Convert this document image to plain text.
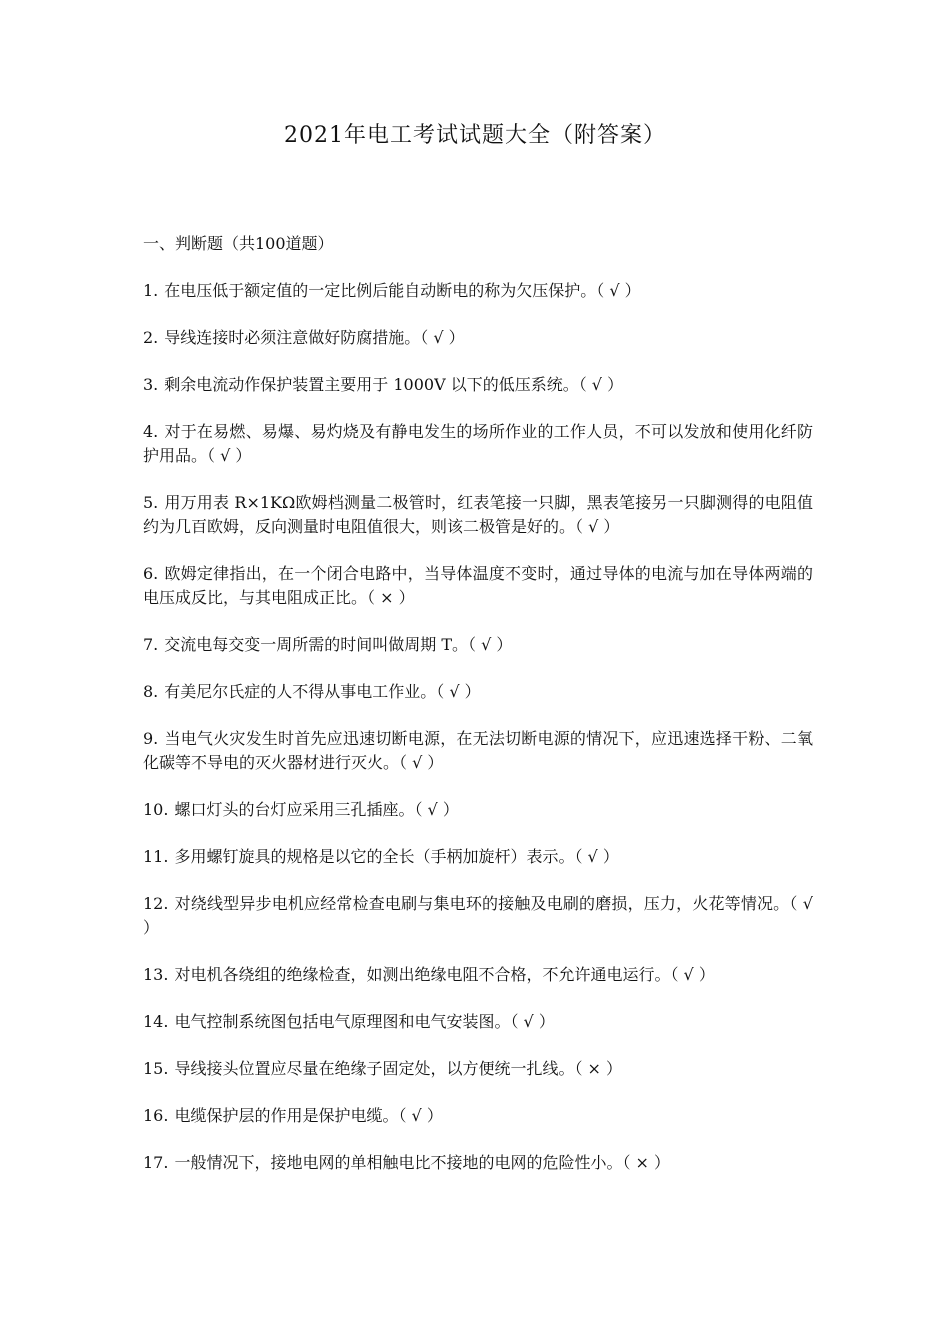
2021年电工考试试题大全（附答案）
一、判断题（共100道题）
1. 在电压低于额定值的一定比例后能自动断电的称为欠压保护。（ √ ）
2. 导线连接时必须注意做好防腐措施。（ √ ）
3. 剩余电流动作保护装置主要用于 1000V 以下的低压系统。（ √ ）
4. 对于在易燃、易爆、易灼烧及有静电发生的场所作业的工作人员，不可以发放和使用化纤防护用品。（ √ ）
5. 用万用表 R×1KΩ欧姆档测量二极管时，红表笔接一只脚，黑表笔接另一只脚测得的电阻值约为几百欧姆，反向测量时电阻值很大，则该二极管是好的。（ √ ）
6. 欧姆定律指出，在一个闭合电路中，当导体温度不变时，通过导体的电流与加在导体两端的电压成反比，与其电阻成正比。（ × ）
7. 交流电每交变一周所需的时间叫做周期 T。（ √ ）
8. 有美尼尔氏症的人不得从事电工作业。（ √ ）
9. 当电气火灾发生时首先应迅速切断电源，在无法切断电源的情况下，应迅速选择干粉、二氧化碳等不导电的灭火器材进行灭火。（ √ ）
10. 螺口灯头的台灯应采用三孔插座。（ √ ）
11. 多用螺钉旋具的规格是以它的全长（手柄加旋杆）表示。（ √ ）
12. 对绕线型异步电机应经常检查电刷与集电环的接触及电刷的磨损，压力，火花等情况。（ √ ）
13. 对电机各绕组的绝缘检查，如测出绝缘电阻不合格，不允许通电运行。（ √ ）
14. 电气控制系统图包括电气原理图和电气安装图。（ √ ）
15. 导线接头位置应尽量在绝缘子固定处，以方便统一扎线。（ × ）
16. 电缆保护层的作用是保护电缆。（ √ ）
17. 一般情况下，接地电网的单相触电比不接地的电网的危险性小。（ × ）
